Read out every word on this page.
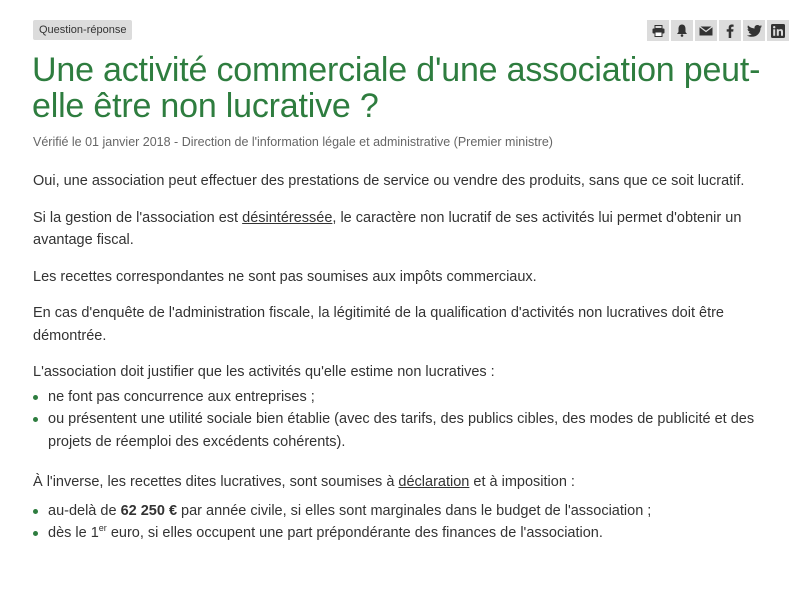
Question-réponse
Une activité commerciale d'une association peut-elle être non lucrative ?
Vérifié le 01 janvier 2018 - Direction de l'information légale et administrative (Premier ministre)

Oui, une association peut effectuer des prestations de service ou vendre des produits, sans que ce soit lucratif.

Si la gestion de l'association est désintéressée, le caractère non lucratif de ses activités lui permet d'obtenir un avantage fiscal.

Les recettes correspondantes ne sont pas soumises aux impôts commerciaux.

En cas d'enquête de l'administration fiscale, la légitimité de la qualification d'activités non lucratives doit être démontrée.

L'association doit justifier que les activités qu'elle estime non lucratives :

ne font pas concurrence aux entreprises ;
ou présentent une utilité sociale bien établie (avec des tarifs, des publics cibles, des modes de publicité et des projets de réemploi des excédents cohérents).

À l'inverse, les recettes dites lucratives, sont soumises à déclaration et à imposition :

au-delà de 62 250 € par année civile, si elles sont marginales dans le budget de l'association ;
dès le 1er euro, si elles occupent une part prépondérante des finances de l'association.
